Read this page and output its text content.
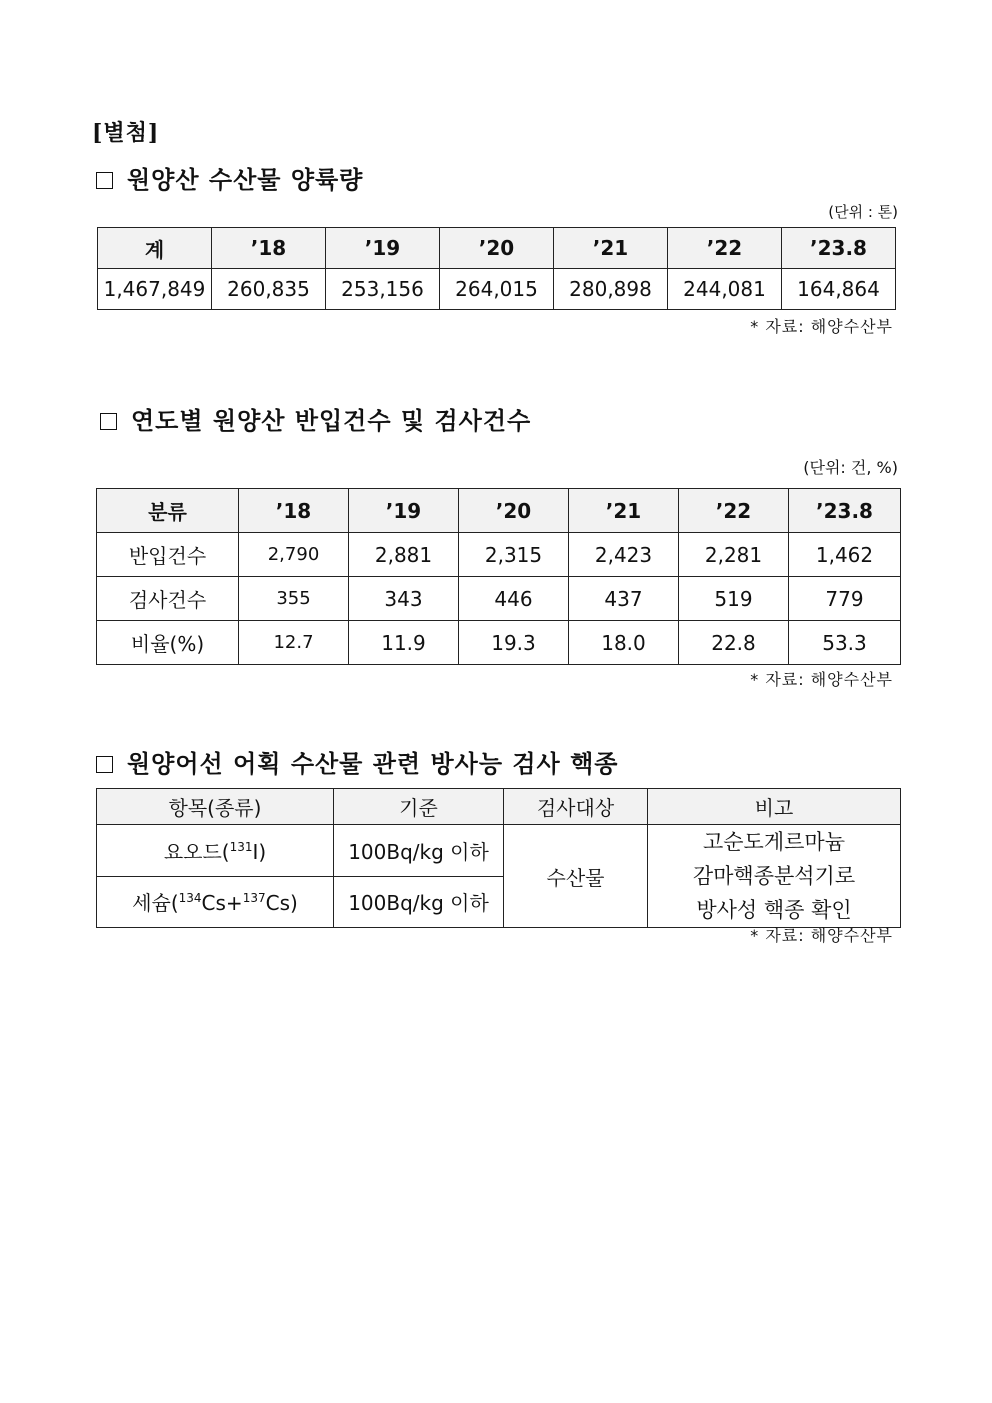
[별첨]
원양산 수산물 양륙량
(단위 : 톤)
계	’18	’19	’20	’21	’22	’23.8
1,467,849	260,835	253,156	264,015	280,898	244,081	164,864
* 자료: 해양수산부
연도별 원양산 반입건수 및 검사건수
(단위: 건, %)
분류	’18	’19	’20	’21	’22	’23.8
반입건수	2,790	2,881	2,315	2,423	2,281	1,462
검사건수	355	343	446	437	519	779
비율(%)	12.7	11.9	19.3	18.0	22.8	53.3
* 자료: 해양수산부
원양어선 어획 수산물 관련 방사능 검사 핵종
항목(종류)	기준	검사대상	비고
요오드($^{131}$I)	100Bq/kg 이하	수산물	고순도게르마늄
감마핵종분석기로
방사성 핵종 확인

세슘($^{134}$Cs+$^{137}$Cs)	100Bq/kg 이하		
* 자료: 해양수산부
